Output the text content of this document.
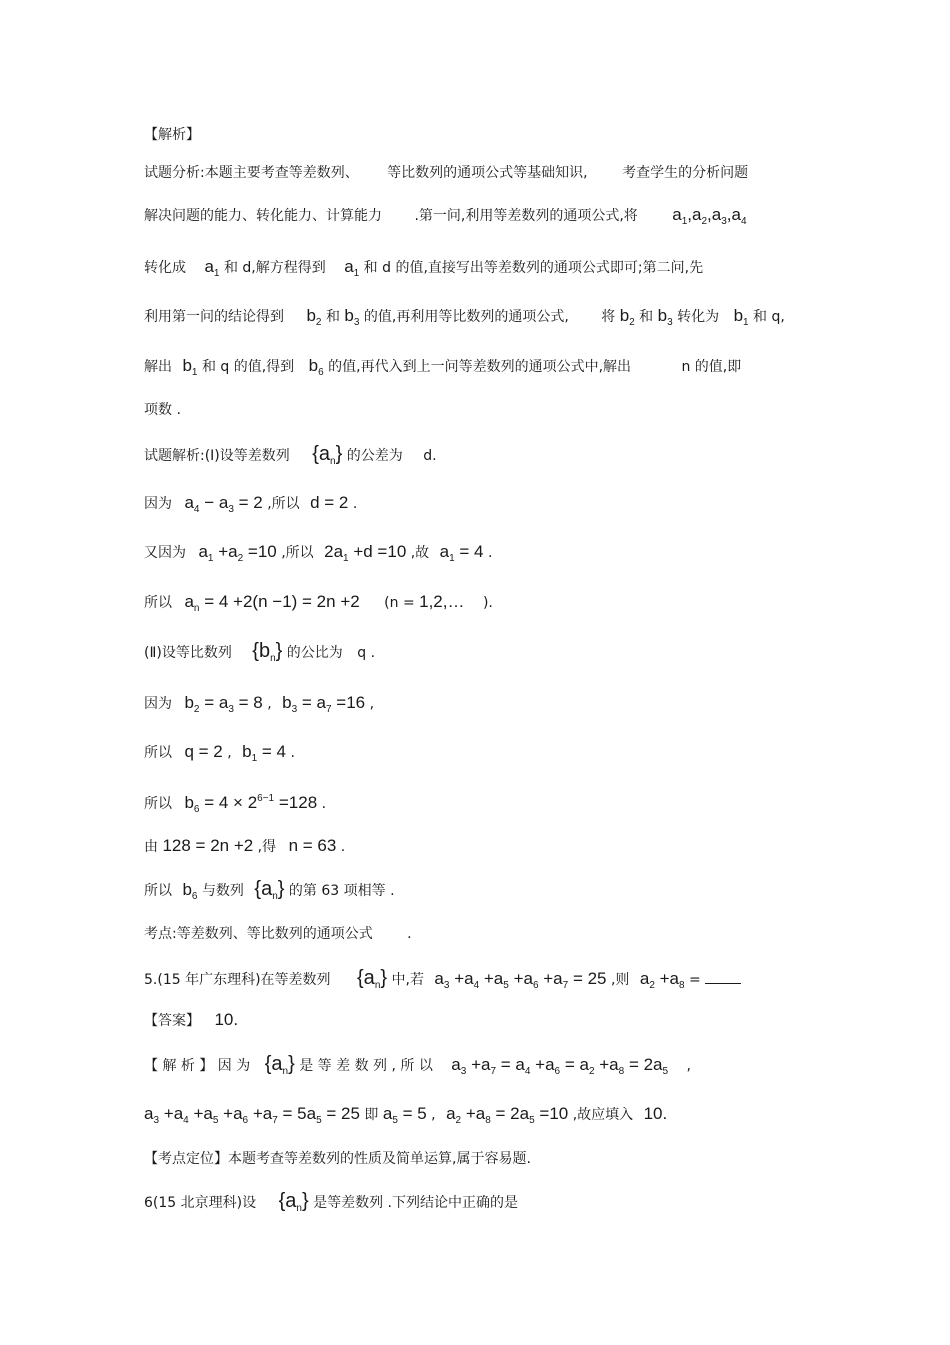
【解析】
试题分析:本题主要考查等差数列、 等比数列的通项公式等基础知识, 考查学生的分析问题
解决问题的能力、转化能力、计算能力 .第一问,利用等差数列的通项公式,将 $a_1,a_2,a_3,a_4$
转化成 $a_1$ 和 d,解方程得到 $a_1$ 和 d 的值,直接写出等差数列的通项公式即可;第二问,先
利用第一问的结论得到 $b_2$ 和 $b_3$ 的值,再利用等比数列的通项公式, 将 $b_2$ 和 $b_3$ 转化为 $b_1$ 和 q,
解出 $b_1$ 和 q 的值,得到 $b_6$ 的值,再代入到上一问等差数列的通项公式中,解出	n 的值,即
项数 .
试题解析:(Ⅰ)设等差数列 $\{a_n\}$ 的公差为 d.
因为 $a_4 - a_3 = 2$ ,所以 d = 2 .
又因为 $a_1 +a_2 =10$ ,所以 $2a_1 +d =10$ ,故 $a_1 = 4$ .
所以 $a_n = 4 +2(n -1) = 2n +2$ (n = 1,2,… ).
(Ⅱ)设等比数列 $\{b_n\}$ 的公比为 q .
因为 $b_2 = a_3 = 8$ , $b_3 = a_7 =16$ ,
所以 q = 2 , $b_1 = 4$ .
所以 $b_6 = 4 \times 2^{6-1} =128$ .
由 128 = 2n +2 ,得 n = 63 .
所以 $b_6$ 与数列 $\{a_n\}$ 的第 63 项相等 .
考点:等差数列、等比数列的通项公式 .
5.(15 年广东理科)在等差数列 $\{a_n\}$ 中,若 $a_3 +a_4 +a_5 +a_6 +a_7 = 25$ ,则 $a_2 +a_8$ =
【答案】 10.
【 解 析 】 因 为 $\{a_n\}$ 是 等 差 数 列 , 所 以 $a_3 +a_7 = a_4 +a_6 = a_2 +a_8 = 2a_5$ ,
$a_3 +a_4 +a_5 +a_6 +a_7 = 5a_5 = 25$ 即 $a_5 = 5$ , $a_2 +a_8 = 2a_5 =10$ ,故应填入 10.
【考点定位】本题考查等差数列的性质及简单运算,属于容易题.
6(15 北京理科)设 $\{a_n\}$ 是等差数列 .下列结论中正确的是
